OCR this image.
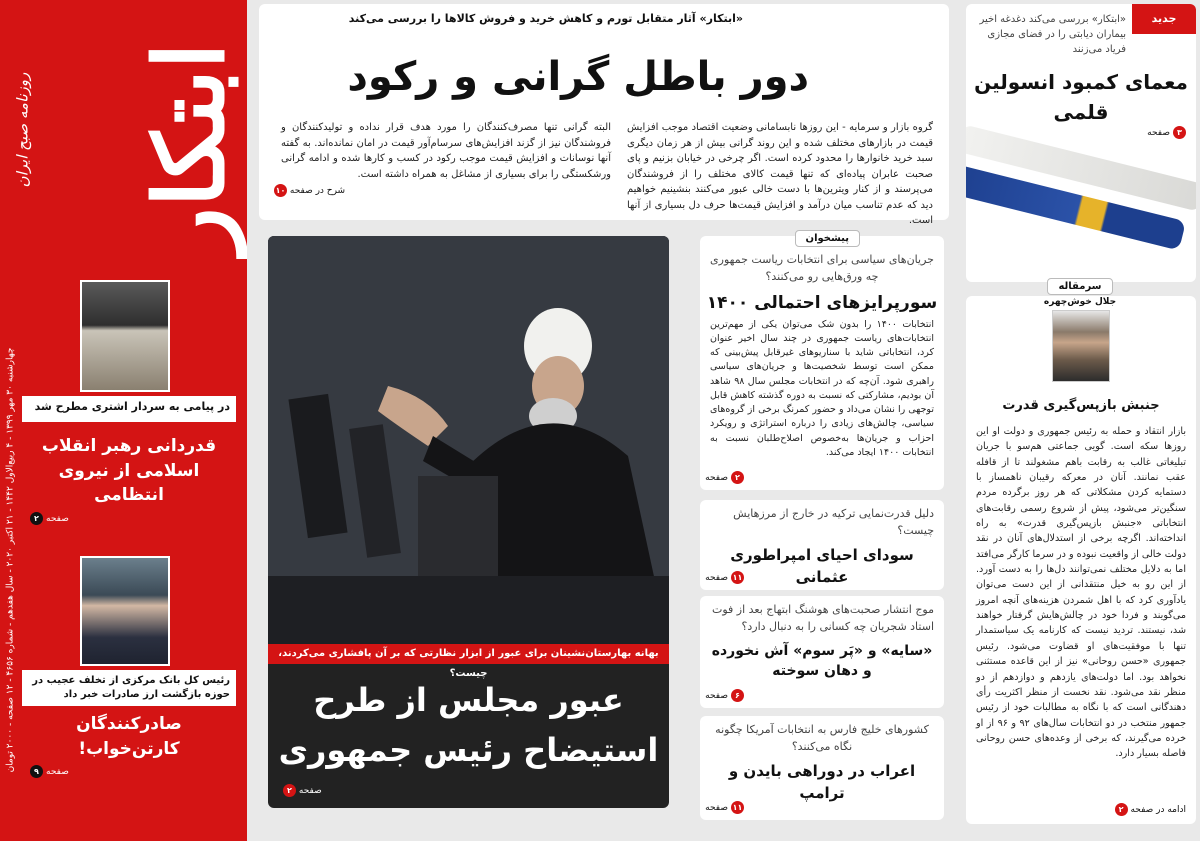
ابتکار
روزنامه صبح ایران
چهارشنبه ۳۰ مهر ۱۳۹۹ - ۴ ربیع‌الاول ۱۴۴۲ - ۲۱ اکتبر ۲۰۲۰ - سال هفدهم - شماره ۴۶۵۶ - ۱۲ صفحه - ۲۰۰۰ تومان
در پیامی به سردار اشتری مطرح شد
قدردانی رهبر انقلاب اسلامی از نیروی انتظامی
صفحه۲
رئیس کل بانک مرکزی از تخلف عجیب در حوزه بازگشت ارز صادرات خبر داد
صادرکنندگان کارتن‌خواب!
صفحه۹
«ابتکار» آثار متقابل تورم و کاهش خرید و فروش کالاها را بررسی می‌کند
دور باطل گرانی و رکود
گروه بازار و سرمایه - این روزها نابسامانی وضعیت اقتصاد موجب افزایش قیمت در بازارهای مختلف شده و این روند گرانی بیش از هر زمان دیگری سبد خرید خانوارها را محدود کرده است. اگر چرخی در خیابان بزنیم و پای صحبت عابران پیاده‌ای که تنها قیمت کالای مختلف را از فروشندگان می‌پرسند و از کنار ویترین‌ها با دست خالی عبور می‌کنند بنشینیم خواهیم دید که عدم تناسب میان درآمد و افزایش قیمت‌ها حرف دل بسیاری از آنها است.
البته گرانی تنها مصرف‌کنندگان را مورد هدف قرار نداده و تولیدکنندگان و فروشندگان نیز از گزند افزایش‌های سرسام‌آور قیمت در امان نمانده‌اند. به گفته آنها نوسانات و افزایش قیمت موجب رکود در کسب و کارها شده و ادامه گرانی ورشکستگی را برای بسیاری از مشاغل به همراه داشته است.
شرح در صفحه ۱۰
بهانه بهارستان‌نشینان برای عبور از ابزار نظارتی که بر آن پافشاری می‌کردند، چیست؟
عبور مجلس از طرح استیضاح رئیس جمهوری
صفحه ۲
پیشخوان
جریان‌های سیاسی برای انتخابات ریاست جمهوری چه ورق‌هایی رو می‌کنند؟
سورپرایزهای احتمالی ۱۴۰۰
انتخابات ۱۴۰۰ را بدون شک می‌توان یکی از مهم‌ترین انتخابات‌های ریاست جمهوری در چند سال اخیر عنوان کرد، انتخاباتی شاید با سناریوهای غیرقابل پیش‌بینی که ممکن است توسط شخصیت‌ها و جریان‌های سیاسی راهبری شود. آن‌چه که در انتخابات مجلس سال ۹۸ شاهد آن بودیم، مشارکتی که نسبت به دوره گذشته کاهش قابل توجهی را نشان می‌داد و حضور کمرنگ برخی از گروه‌های سیاسی، چالش‌های زیادی را درباره استراتژی و رویکرد احزاب و جریان‌ها به‌خصوص اصلاح‌طلبان نسبت به انتخابات ۱۴۰۰ ایجاد می‌کند.
۲صفحه
دلیل قدرت‌نمایی ترکیه در خارج از مرزهایش چیست؟
سودای احیای امپراطوری عثمانی
۱۱صفحه
موج انتشار صحبت‌های هوشنگ ابتهاج بعد از فوت استاد شجریان چه کسانی را به دنبال دارد؟
«سایه» و «پَر سوم» آش نخورده و دهان سوخته
۶صفحه
کشورهای خلیج فارس به انتخابات آمریکا چگونه نگاه می‌کنند؟
اعراب در دوراهی بایدن و ترامپ
۱۱صفحه
جدید
«ابتکار» بررسی می‌کند دغدغه اخیر بیماران دیابتی را در فضای مجازی فریاد می‌زنند
معمای کمبود انسولین قلمی
۳صفحه
سرمقاله
جلال خوش‌چهره
جنبش بازپس‌گیری قدرت
بازار انتقاد و حمله به رئیس جمهوری و دولت او این روزها سکه است. گویی جماعتی هم‌سو با جریان تبلیغاتی غالب به رقابت باهم مشغولند تا از قافله عقب نمانند. آنان در معرکه رقیبان ناهمساز با دستمایه کردن مشکلاتی که هر روز برگرده مردم سنگین‌تر می‌شود، پیش از شروع رسمی رقابت‌های انتخاباتی «جنبش بازپس‌گیری قدرت» به راه انداخته‌اند. اگرچه برخی از استدلال‌های آنان در نقد دولت خالی از واقعیت نبوده و در سرما کارگر می‌افتد اما به دلایل مختلف نمی‌توانند دل‌ها را به دست آورد. از این رو به خیل منتقدانی از این دست می‌توان یادآوری کرد که با اهل شمردن هزینه‌های آنچه امروز می‌گویند و فردا خود در چالش‌هایش گرفتار خواهند شد، نیستند. تردید نیست که کارنامه یک سیاستمدار تنها با موفقیت‌های او قضاوت می‌شود. رئیس جمهوری «حسن روحانی» نیز از این قاعده مستثنی نخواهد بود. اما دولت‌های یازدهم و دوازدهم از دو منظر نقد می‌شود. نقد نخست از منظر اکثریت رأی دهندگانی است که با نگاه به مطالبات خود از رئیس جمهور منتخب در دو انتخابات سال‌های ۹۲ و ۹۶ از او خرده می‌گیرند، که برخی از وعده‌های حسن روحانی فاصله بسیار دارد.
ادامه در صفحه ۲
